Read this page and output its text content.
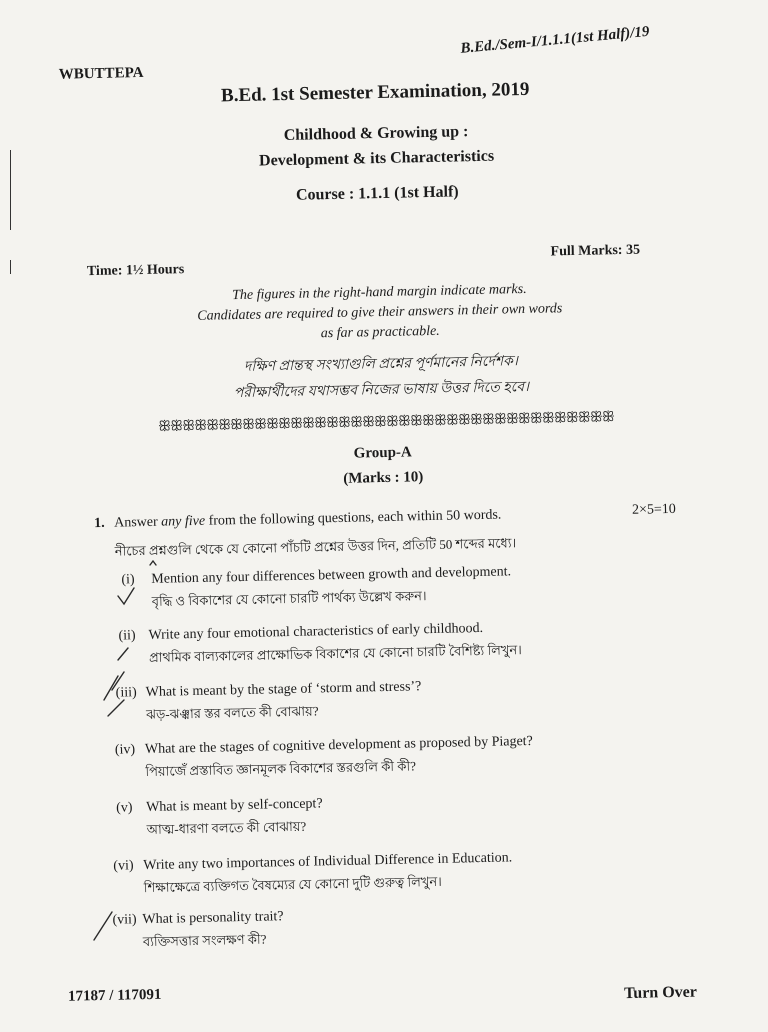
WBUTTEPA
B.Ed./Sem-I/1.1.1(1st Half)/19
B.Ed. 1st Semester Examination, 2019
Childhood & Growing up :
Development & its Characteristics
Course : 1.1.1 (1st Half)
Time: 1½ Hours
Full Marks: 35
The figures in the right-hand margin indicate marks.
Candidates are required to give their answers in their own words
as far as practicable.
দক্ষিণ প্রান্তস্থ সংখ্যাগুলি প্রশ্নের পূর্ণমানের নির্দেশক।
পরীক্ষার্থীদের যথাসম্ভব নিজের ভাষায় উত্তর দিতে হবে।
ꕥꕥꕥꕥꕥꕥꕥꕥꕥꕥꕥꕥꕥꕥꕥꕥꕥꕥꕥꕥꕥꕥꕥꕥꕥꕥꕥꕥꕥꕥꕥꕥꕥꕥꕥꕥꕥꕥ
Group-A
(Marks : 10)
1. Answer any five from the following questions, each within 50 words.	2×5=10
নীচের প্রশ্নগুলি থেকে যে কোনো পাঁচটি প্রশ্নের উত্তর দিন, প্রতিটি 50 শব্দের মধ্যে।
(i) Mention any four differences between growth and development.
বৃদ্ধি ও বিকাশের যে কোনো চারটি পার্থক্য উল্লেখ করুন।
(ii) Write any four emotional characteristics of early childhood.
প্রাথমিক বাল্যকালের প্রাক্ষোভিক বিকাশের যে কোনো চারটি বৈশিষ্ট্য লিখুন।
(iii) What is meant by the stage of ‘storm and stress’?
ঝড়-ঝঞ্ঝার স্তর বলতে কী বোঝায়?
(iv) What are the stages of cognitive development as proposed by Piaget?
পিয়াজেঁ প্রস্তাবিত জ্ঞানমূলক বিকাশের স্তরগুলি কী কী?
(v) What is meant by self-concept?
আত্ম-ধারণা বলতে কী বোঝায়?
(vi) Write any two importances of Individual Difference in Education.
শিক্ষাক্ষেত্রে ব্যক্তিগত বৈষম্যের যে কোনো দুটি গুরুত্ব লিখুন।
(vii) What is personality trait?
ব্যক্তিসত্তার সংলক্ষণ কী?
17187 / 117091	Turn Over
